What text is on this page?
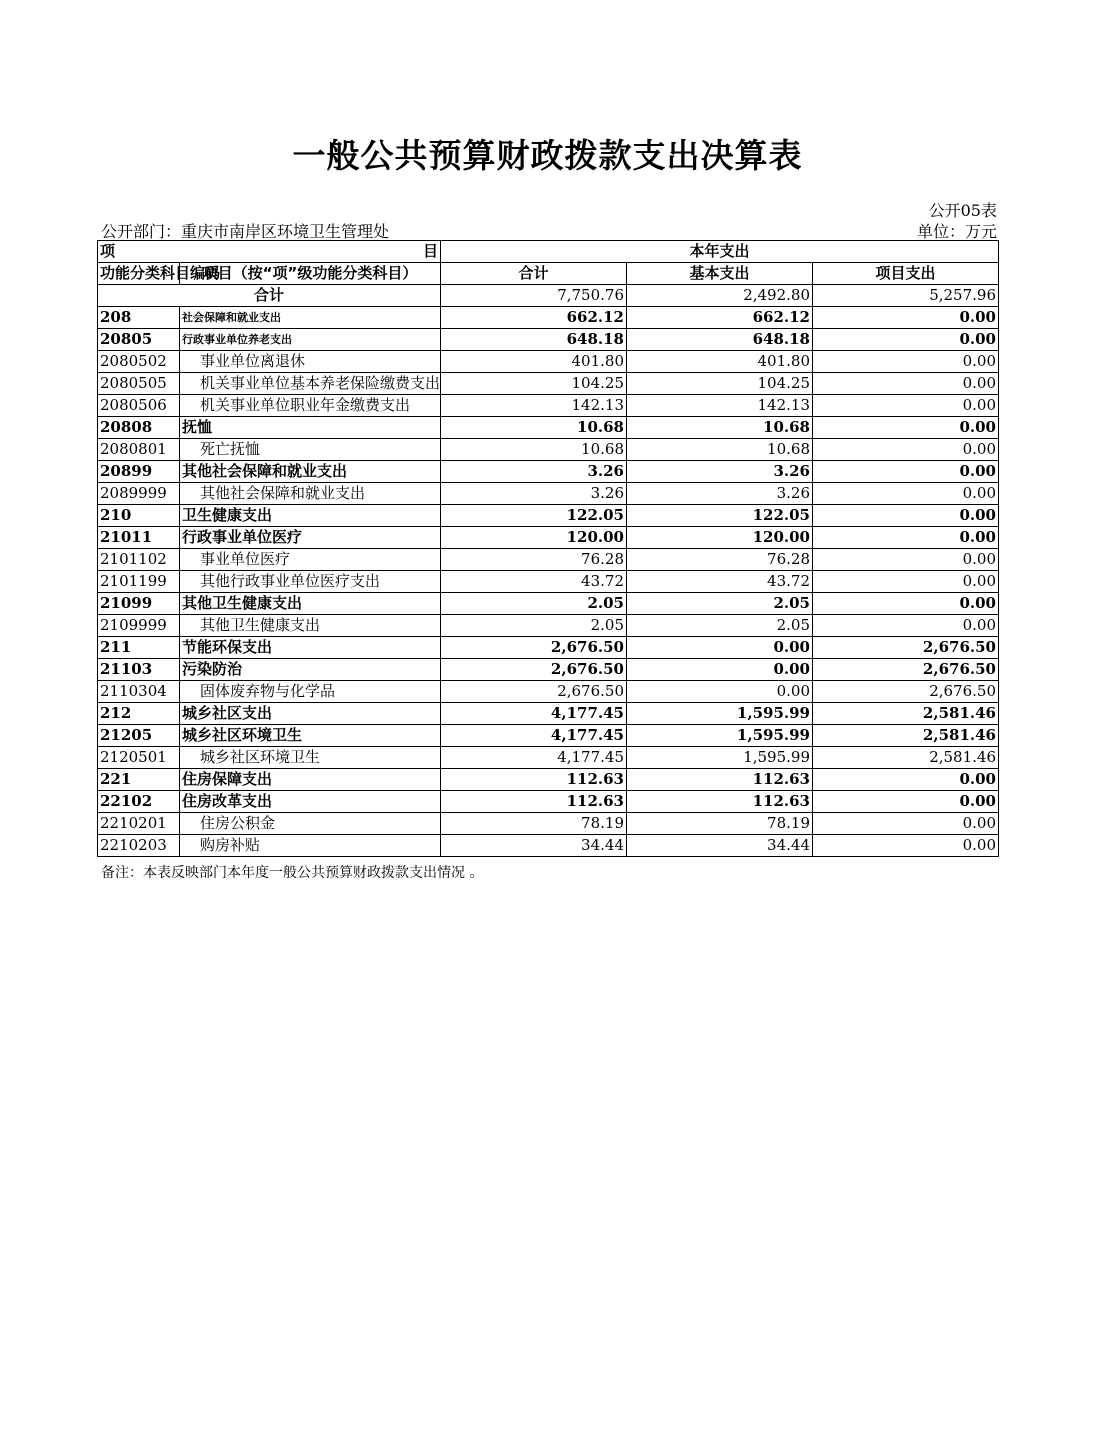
一般公共预算财政拨款支出决算表
公开05表
公开部门：重庆市南岸区环境卫生管理处	单位：万元
项 目		本年支出		
功能分类科目编码	项目（按“项”级功能分类科目）	合计	基本支出	项目支出
合计		7,750.76	2,492.80	5,257.96
208	社会保障和就业支出	662.12	662.12	0.00
20805	行政事业单位养老支出	648.18	648.18	0.00
2080502	事业单位离退休	401.80	401.80	0.00
2080505	机关事业单位基本养老保险缴费支出	104.25	104.25	0.00
2080506	机关事业单位职业年金缴费支出	142.13	142.13	0.00
20808	抚恤	10.68	10.68	0.00
2080801	死亡抚恤	10.68	10.68	0.00
20899	其他社会保障和就业支出	3.26	3.26	0.00
2089999	其他社会保障和就业支出	3.26	3.26	0.00
210	卫生健康支出	122.05	122.05	0.00
21011	行政事业单位医疗	120.00	120.00	0.00
2101102	事业单位医疗	76.28	76.28	0.00
2101199	其他行政事业单位医疗支出	43.72	43.72	0.00
21099	其他卫生健康支出	2.05	2.05	0.00
2109999	其他卫生健康支出	2.05	2.05	0.00
211	节能环保支出	2,676.50	0.00	2,676.50
21103	污染防治	2,676.50	0.00	2,676.50
2110304	固体废弃物与化学品	2,676.50	0.00	2,676.50
212	城乡社区支出	4,177.45	1,595.99	2,581.46
21205	城乡社区环境卫生	4,177.45	1,595.99	2,581.46
2120501	城乡社区环境卫生	4,177.45	1,595.99	2,581.46
221	住房保障支出	112.63	112.63	0.00
22102	住房改革支出	112.63	112.63	0.00
2210201	住房公积金	78.19	78.19	0.00
2210203	购房补贴	34.44	34.44	0.00
备注：本表反映部门本年度一般公共预算财政拨款支出情况 。
